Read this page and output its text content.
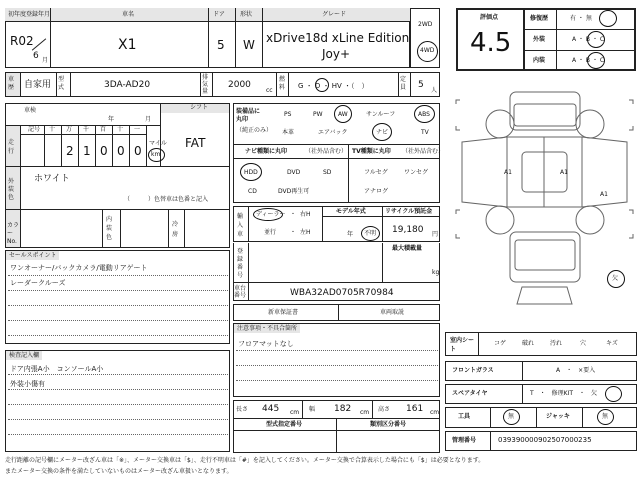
初年度登録年月	車名	ドア	形状	グレード
R02
6 月
X1	5 W xDrive18d xLine Edition
Joy+
2WD
4WD
車歴 自家用
型式	3DA-AD20
排気量
2000
cc
燃料 G ・ D ・ HV ・（　）
定員 5
人
シフト
FAT
車検
年	月
走行
記号 十 万 千 百 十 一
2 1 0 0 0
マイル
km
外装色
ホワイト
（　　　）色替車は色番と記入
カラーNo.
内装色
冷房
装備品に丸印
（純正のみ）
PS	PW	AW	サンルーフ	ABS
本革	エアバック	ナビ	TV
ナビ種類に丸印	（社外品含む）
HDD	DVD	SD
CD	DVD再生可
TV種類に丸印 （社外品含む）
フルセグ	ワンセグ
アナログ
輸入車
ディーラー
並行
右H
・
左H
・
モデル年式
年 不明
リサイクル預託金
19,180 円
登録番号
最大積載量
kg
車台番号	WBA32AD0705R70984
新車保証書	車両取説
セールスポイント
ワンオーナー/バックカメラ/電動リアゲート
レーダークルーズ
検査記入欄
ドア内張A小　コンソールA小
外装小傷有
注意事項・不具合箇所
フロアマットなし
長さ 445 cm 幅 182 cm 高さ 161 cm
型式指定番号	類別区分番号
評価点
4.5
修復歴	有 ・ 無
外装	A ・ B ・ C
内装	A ・ B ・ C
A1	A1
A1
欠
室内シート
コゲ	破れ	汚れ	穴	キズ
フロントガラス	A　・　×要入
スペアタイヤ	T　・　修理KIT　・　欠
工具	無	ジャッキ	無
管理番号	039390000902507000235
走行距離の記号欄にメーター改ざん車は「※」、メーター交換車は「$」、走行不明車は「#」を記入してください。メーター交換で合算表示した場合にも「$」は必要となります。
またメーター交換の条件を満たしていないものはメーター改ざん車扱いとなります。
